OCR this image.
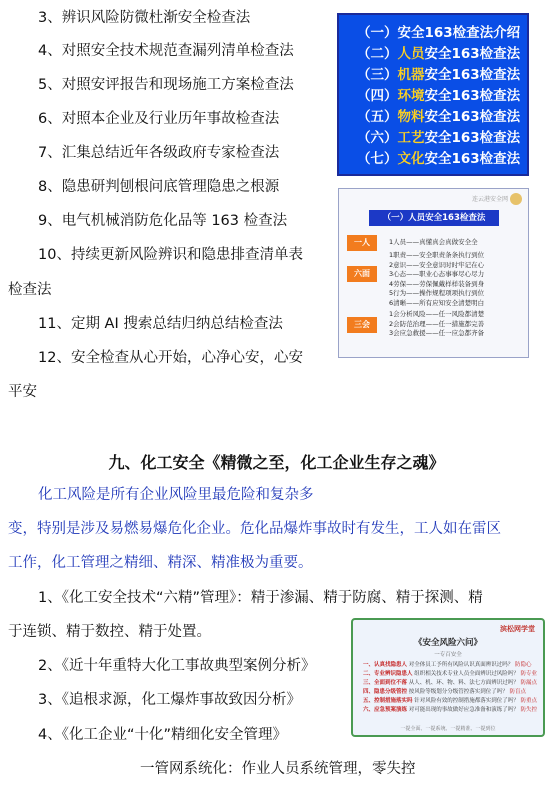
3、辨识风险防微杜渐安全检查法
4、对照安全技术规范查漏列清单检查法
5、对照安评报告和现场施工方案检查法
6、对照本企业及行业历年事故检查法
7、汇集总结近年各级政府专家检查法
8、隐患研判刨根问底管理隐患之根源
9、电气机械消防危化品等 163 检查法
10、持续更新风险辨识和隐患排查清单表
检查法
11、定期 AI 搜索总结归纳总结检查法
12、安全检查从心开始，心净心安，心安
平安
（一）安全163检查法介绍
（二）人员安全163检查法
（三）机器安全163检查法
（四）环境安全163检查法
（五）物料安全163检查法
（六）工艺安全163检查法
（七）文化安全163检查法
连云港安全网
（一）人员安全163检查法
一人	1人员——真懂真会真做安全全
六面
1职责——安全职责条条执行到位
2意识——安全意识时时牢记在心
3心态——职业心态事事尽心尽力
4劳保——劳保佩戴样样装备到身
5行为——操作规程项项执行到位
6清晰——所有应知安全清楚明白
三会
1会分析风险——任一风险都清楚
2会防范治理——任一措施都完善
3会应急救援——任一应急都齐备
九、化工安全《精微之至，化工企业生存之魂》
化工风险是所有企业风险里最危险和复杂多
变，特别是涉及易燃易爆危化企业。危化品爆炸事故时有发生，工人如在雷区
工作，化工管理之精细、精深、精准极为重要。
1、《化工安全技术“六精”管理》：精于渗漏、精于防腐、精于探测、精
于连锁、精于数控、精于处置。
2、《近十年重特大化工事故典型案例分析》
3、《追根求源，化工爆炸事故致因分析》
4、《化工企业“十化”精细化安全管理》
一管网系统化：作业人员系统管理，零失控
滨松网学堂
《安全风险六问》
一专百安全
一、认真找隐患人 对全体员工予所有风险认识真面辨识过吗？ 防隐心
二、专业辨识隐患人 组织相关技术专业人员全面辨识过风险吗？ 防专业
三、全面到位不落 从人、机、环、物、料、法七方面辨识过吗？ 防漏点
四、隐患分级管控 按风险等级划分分级管控落实到位了吗？ 防盲点
五、控制措施落实吗 针对风险有效的控制措施都落实到位了吗？ 防重点
六、应急预案演练 对可能出现的事故做好应急准备和演练了吗？ 防失控
一提全面、一提系统、一提精准、一提到位
